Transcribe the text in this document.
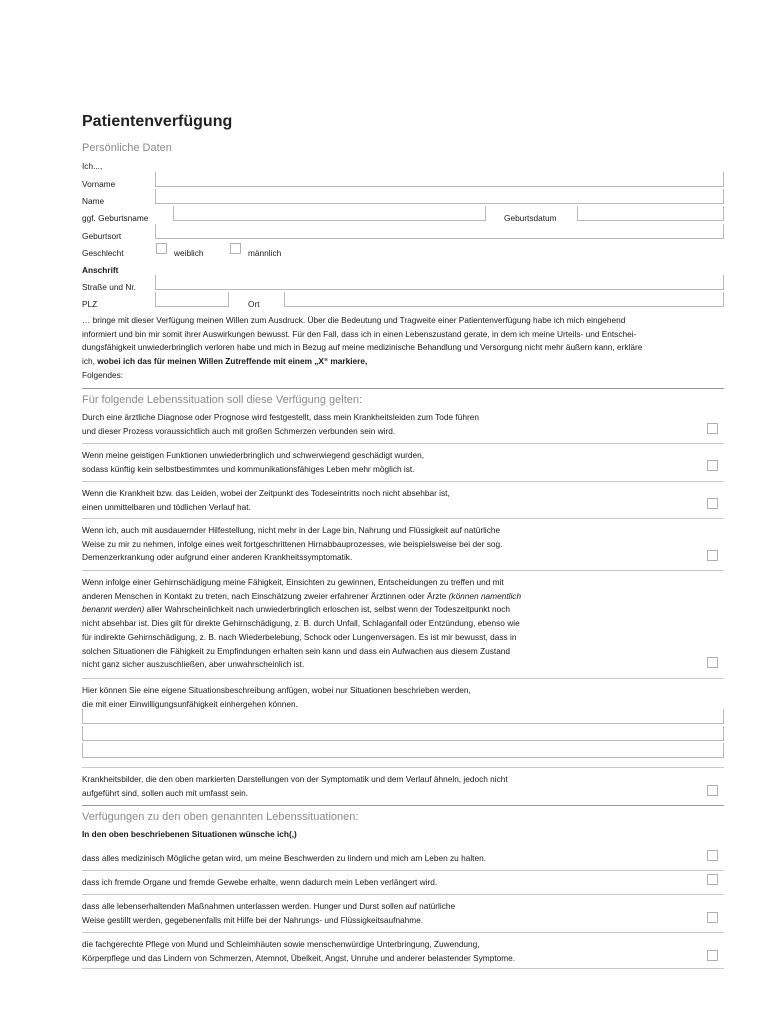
Patientenverfügung
Persönliche Daten
Ich...,
Vorname
Name
ggf. Geburtsname	Geburtsdatum
Geburtsort
Geschlecht	weiblich	männlich
Anschrift
Straße und Nr.
PLZ	Ort
… bringe mit dieser Verfügung meinen Willen zum Ausdruck. Über die Bedeutung und Tragweite einer Patientenverfügung habe ich mich eingehend
informiert und bin mir somit ihrer Auswirkungen bewusst. Für den Fall, dass ich in einen Lebenszustand gerate, in dem ich meine Urteils- und Entschei-
dungsfähigkeit unwiederbringlich verloren habe und mich in Bezug auf meine medizinische Behandlung und Versorgung nicht mehr äußern kann, erkläre
ich, wobei ich das für meinen Willen Zutreffende mit einem „X“ markiere,
Folgendes:
Für folgende Lebenssituation soll diese Verfügung gelten:
Durch eine ärztliche Diagnose oder Prognose wird festgestellt, dass mein Krankheitsleiden zum Tode führen
und dieser Prozess voraussichtlich auch mit großen Schmerzen verbunden sein wird.
Wenn meine geistigen Funktionen unwiederbringlich und schwerwiegend geschädigt wurden,
sodass künftig kein selbstbestimmtes und kommunikationsfähiges Leben mehr möglich ist.
Wenn die Krankheit bzw. das Leiden, wobei der Zeitpunkt des Todeseintritts noch nicht absehbar ist,
einen unmittelbaren und tödlichen Verlauf hat.
Wenn ich, auch mit ausdauernder Hilfestellung, nicht mehr in der Lage bin, Nahrung und Flüssigkeit auf natürliche
Weise zu mir zu nehmen, infolge eines weit fortgeschrittenen Hirnabbauprozesses, wie beispielsweise bei der sog.
Demenzerkrankung oder aufgrund einer anderen Krankheitssymptomatik.
Wenn infolge einer Gehirnschädigung meine Fähigkeit, Einsichten zu gewinnen, Entscheidungen zu treffen und mit
anderen Menschen in Kontakt zu treten, nach Einschätzung zweier erfahrener Ärztinnen oder Ärzte (können namentlich
benannt werden) aller Wahrscheinlichkeit nach unwiederbringlich erloschen ist, selbst wenn der Todeszeitpunkt noch
nicht absehbar ist. Dies gilt für direkte Gehirnschädigung, z. B. durch Unfall, Schlaganfall oder Entzündung, ebenso wie
für indirekte Gehirnschädigung, z. B. nach Wiederbelebung, Schock oder Lungenversagen. Es ist mir bewusst, dass in
solchen Situationen die Fähigkeit zu Empfindungen erhalten sein kann und dass ein Aufwachen aus diesem Zustand
nicht ganz sicher auszuschließen, aber unwahrscheinlich ist.
Hier können Sie eine eigene Situationsbeschreibung anfügen, wobei nur Situationen beschrieben werden,
die mit einer Einwilligungsunfähigkeit einhergehen können.
Krankheitsbilder, die den oben markierten Darstellungen von der Symptomatik und dem Verlauf ähneln, jedoch nicht
aufgeführt sind, sollen auch mit umfasst sein.
Verfügungen zu den oben genannten Lebenssituationen:
In den oben beschriebenen Situationen wünsche ich(,)
dass alles medizinisch Mögliche getan wird, um meine Beschwerden zu lindern und mich am Leben zu halten.
dass ich fremde Organe und fremde Gewebe erhalte, wenn dadurch mein Leben verlängert wird.
dass alle lebenserhaltenden Maßnahmen unterlassen werden. Hunger und Durst sollen auf natürliche
Weise gestillt werden, gegebenenfalls mit Hilfe bei der Nahrungs- und Flüssigkeitsaufnahme.
die fachgerechte Pflege von Mund und Schleimhäuten sowie menschenwürdige Unterbringung, Zuwendung,
Körperpflege und das Lindern von Schmerzen, Atemnot, Übelkeit, Angst, Unruhe und anderer belastender Symptome.
